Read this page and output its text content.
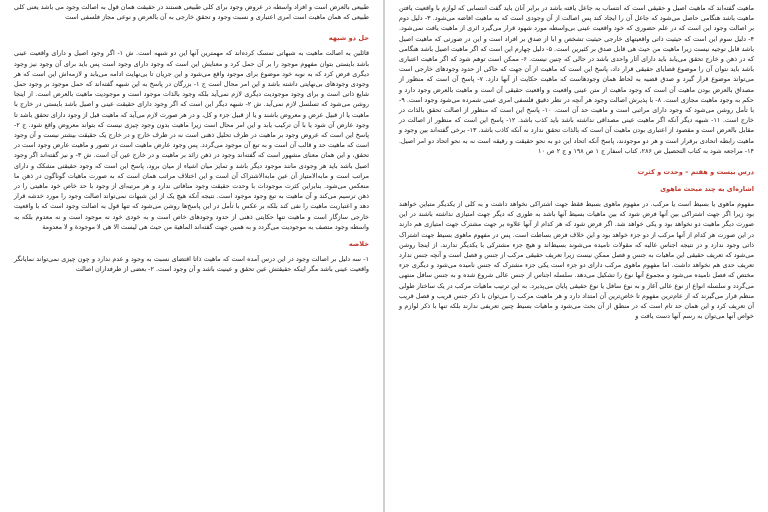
طبیعی بالعرض است و افراد واسطه در عروض وجود برای کلی طبیعی هستند در حقیقت همان قول به اصالت وجود می باشد یعنی کلی طبیعی که همان ماهیت است امری اعتباری و نسبت وجود و تحقق خارجی به آن بالعرض و نوعی مجاز فلسفی است

حل دو شبهه

قائلین به اصالت ماهیت به شبهاتی تمسک کرده‌اند که مهمترین آنها این دو شبهه است. ش ۱- اگر وجود اصیل و دارای واقعیت عینی باشد بایستی بتوان مفهوم موجود را بر آن حمل کرد و معنایش این است که وجود دارای وجود است پس باید برای آن وجود نیز وجود دیگری فرض کرد که به نوبه خود موضوع برای موجود واقع می‌شود و این جریان تا بی‌نهایت ادامه می‌یابد و لازمه‌اش این است که هر وجودی وجودهای بی‌نهایتی داشته باشد و این امر محال است ج ۱- بزرگان در پاسخ به این شبهه گفته‌اند که حمل موجود بر وجود حمل شایع ذاتی است و برای وجود موجودیت دیگری لازم نمی‌آید بلکه وجود بالذات موجود است و موجودیت ماهیت بالعرض است. از اینجا روشن می‌شود که تسلسل لازم نمی‌آید. ش ۲- شبهه دیگر این است که اگر وجود دارای حقیقت عینی و اصیل باشد بایستی در خارج با ماهیت یا از قبیل عرض و معروض باشند و یا از قبیل جزء و کل، و در هر صورت لازم می‌آید که ماهیت قبل از وجود دارای تحقق باشد تا وجود عارض آن شود یا با آن ترکیب یابد و این امر محال است زیرا ماهیت بدون وجود چیزی نیست که بتواند معروض واقع شود. ج ۲- پاسخ این است که عروض وجود بر ماهیت در ظرف تحلیل ذهنی است نه در ظرف خارج و در خارج یک حقیقت بیشتر نیست و آن وجود است که ماهیت حد و قالب آن است و به تبع آن موجود می‌گردد. پس وجود عارض ماهیت است در تصور و ماهیت عارض وجود است در تحقق، و این همان معنای مشهور است که گفته‌اند وجود در ذهن زائد بر ماهیت و در خارج عین آن است. ش ۳- و نیز گفته‌اند اگر وجود اصیل باشد باید هر وجودی مانند موجود دیگر باشد و تمایز میان اشیاء از میان برود، پاسخ این است که وجود حقیقتی مشکک و دارای مراتب است و مابه‌الامتیاز آن عین مابه‌الاشتراک آن است و این اختلاف مراتب همان است که به صورت ماهیات گوناگون در ذهن ما منعکس می‌شود. بنابراین کثرت موجودات با وحدت حقیقت وجود منافاتی ندارد و هر مرتبه‌ای از وجود با حد خاص خود ماهیتی را در ذهن ترسیم می‌کند و آن ماهیت به تبع وجود موجود است. نتیجه آنکه هیچ یک از این شبهات نمی‌تواند اصالت وجود را مورد خدشه قرار دهد و اعتباریت ماهیت را نفی کند بلکه بر عکس با تأمل در این پاسخ‌ها روشن می‌شود که تنها قول به اصالت وجود است که با واقعیت خارجی سازگار است و ماهیت تنها حکایتی ذهنی از حدود وجودهای خاص است و به خودی خود نه موجود است و نه معدوم بلکه به واسطه وجود متصف به موجودیت می‌گردد و به همین جهت گفته‌اند الماهیة من حیث هی لیست الا هی لا موجودة و لا معدومة

خلاصه

۱- سه دلیل بر اصالت وجود در این درس آمده است که ماهیت ذاتا اقتضای نسبت به وجود و عدم ندارد و چون چیزی نمی‌تواند نمایانگر واقعیت عینی باشد مگر اینکه حقیقتش عین تحقق و عینیت باشد و آن وجود است. ۲- بعضی از طرفداران اصالت

ماهیت گفته‌اند که ماهیت اصیل و حقیقی است که انتساب به جاعل یافته باشد در برابر آنان باید گفت انتسابی که لوازم با واقعیت یافتن ماهیت باشد هنگامی حاصل می‌شود که جاعل آن را ایجاد کند پس اصالت از آن وجودی است که به ماهیت افاضه می‌شود. ۳- دلیل دوم بر اصالت وجود این است که در علم حضوری که خود واقعیت عینی بی‌واسطه مورد شهود قرار می‌گیرد اثری از ماهیت یافت نمی‌شود. ۴- دلیل سوم این است که حیثیت ذاتی واقعیتهای خارجی حیثیت تشخص و ابا از صدق بر افراد است و این در صورتی که ماهیت اصیل باشد قابل توجیه نیست زیرا ماهیت من حیث هی قابل صدق بر کثیرین است. ۵- دلیل چهارم این است که اگر ماهیت اصیل باشد هنگامی که در ذهن و خارج تحقق می‌یابد باید دارای آثار واحدی باشد در حالی که چنین نیست. ۶- ممکن است توهم شود که اگر ماهیت اعتباری باشد باید نتوان آن را موضوع قضایای حقیقی قرار داد، پاسخ این است که ماهیت از آن جهت که حاکی از حدود وجودهای خارجی است می‌تواند موضوع قرار گیرد و صدق قضیه به لحاظ همان وجودهاست که ماهیت حکایت از آنها دارد. ۷- پاسخ آن است که منظور از مصداق بالعرض بودن ماهیت آن است که وجود ماهیت از متن عینی واقعیت و واقعیت حقیقی آن است و ماهیت بالعرض وجود دارد و حکم به وجود ماهیت مجازی است. ۸- با پذیرش اصالت وجود هر آنچه در نظر دقیق فلسفی امری عینی شمرده می‌شود وجود است. ۹- با تأمل روشن می‌شود که وجود دارای مراتبی است و ماهیت حد آن است. ۱۰- پاسخ این است که منظور از اصالت تحقق بالذات در خارج است. ۱۱- شبهه دیگر آنکه اگر ماهیت عینی مصداقی نداشته باشد باید کذب باشد. ۱۲- پاسخ این است که منظور از اصالت در مقابل بالعرض است و مقصود از اعتباری بودن ماهیت آن است که بالذات تحقق ندارد نه آنکه کاذب باشد. ۱۳- برخی گفته‌اند بین وجود و ماهیت رابطه اتحادی برقرار است و هر دو موجودند، پاسخ آنکه اتحاد این دو به نحو حقیقت و رقیقه است نه به نحو اتحاد دو امر اصیل. ۱۴- مراجعه شود به کتاب التحصیل ص ۲۸۶، کتاب اسفار ج ۱ ص ۱۹۸ و ج ۲ ص ۱۰

درس بیست و هفتم – وحدت و کثرت
اشاره‌ای به چند مبحث ماهوی

مفهوم ماهوی یا بسیط است یا مرکب. در مفهوم ماهوی بسیط فقط جهت اشتراکی نخواهد داشت و به کلی از یکدیگر متباین خواهند بود زیرا اگر جهت اشتراکی بین آنها فرض شود که بین ماهیات بسیط آنها باشد به طوری که دیگر جهت امتیازی نداشته باشند در این صورت دیگر ماهیت دو نخواهد بود و یکی خواهد شد. اگر فرض شود که هر کدام از آنها علاوه بر جهت مشترک جهت امتیازی هم دارند در این صورت هر کدام از آنها مرکب از دو جزء خواهد بود و این خلاف فرض بساطت است. پس در مفهوم ماهوی بسیط جهت اشتراک ذاتی وجود ندارد و در نتیجه اجناس عالیه که مقولات نامیده می‌شوند بسیط‌اند و هیچ جزء مشترکی با یکدیگر ندارند. از اینجا روشن می‌شود که تعریف حقیقی این ماهیات به جنس و فصل ممکن نیست زیرا تعریف حقیقی مرکب از جنس و فصل است و آنچه جنس ندارد تعریف حدی هم نخواهد داشت. اما مفهوم ماهوی مرکب دارای دو جزء است یکی جزء مشترک که جنس نامیده می‌شود و دیگری جزء مختص که فصل نامیده می‌شود و مجموع آنها نوع را تشکیل می‌دهد. سلسله اجناس از جنس عالی شروع شده و به جنس سافل منتهی می‌گردد و سلسله انواع از نوع عالی آغاز و به نوع سافل یا نوع حقیقی پایان می‌پذیرد. به این ترتیب ماهیات مرکب در یک ساختار طولی منظم قرار می‌گیرند که از عام‌ترین مفهوم تا خاص‌ترین آن امتداد دارد و هر ماهیت مرکب را می‌توان با ذکر جنس قریب و فصل قریب آن تعریف کرد و این همان حد تام است که در منطق از آن بحث می‌شود و ماهیات بسیط چنین تعریفی ندارند بلکه تنها با ذکر لوازم و خواص آنها می‌توان به رسم آنها دست یافت و
